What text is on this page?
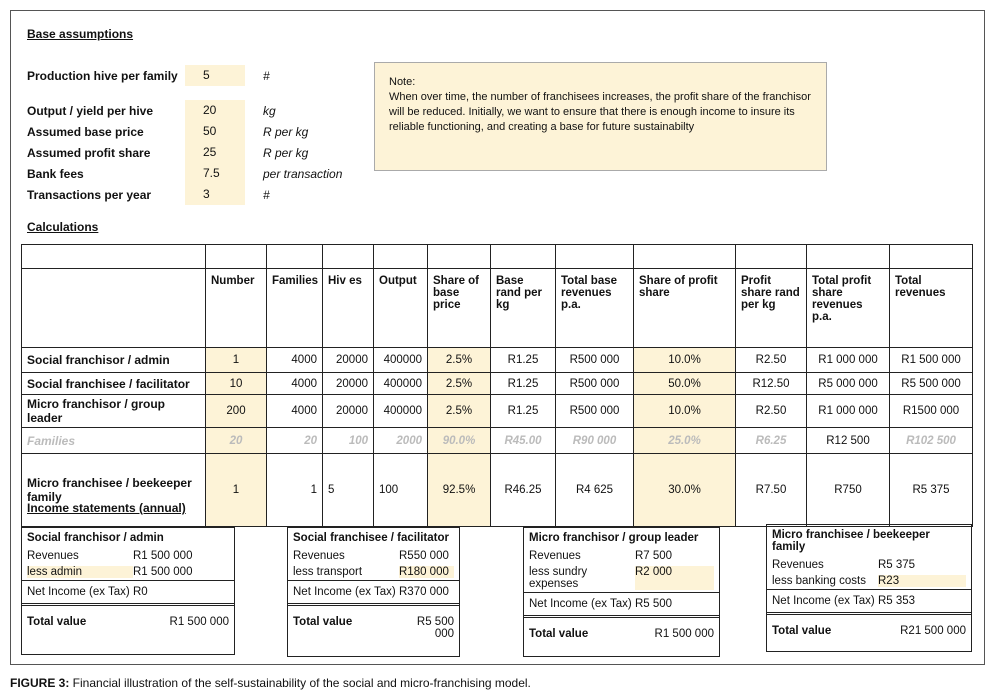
Base assumptions
Production hive per family	5	#
Output / yield per hive	20	kg
Assumed base price	50	R per kg
Assumed profit share	25	R per kg
Bank fees	7.5	per transaction
Transactions per year	3	#
Note:
When over time, the number of franchisees increases, the profit share of the franchisor will be reduced. Initially, we want to ensure that there is enough income to insure its reliable functioning, and creating a base for future sustainabilty
Calculations

	Number	Families	Hiv es	Output	Share of base price	Base rand per kg	Total base revenues p.a.	Share of profit share	Profit share rand per kg	Total profit share revenues p.a.	Total revenues
Social franchisor / admin	1	4000	20000	400000	2.5%	R1.25	R500 000	10.0%	R2.50	R1 000 000	R1 500 000
Social franchisee / facilitator	10	4000	20000	400000	2.5%	R1.25	R500 000	50.0%	R12.50	R5 000 000	R5 500 000
Micro franchisor / group leader	200	4000	20000	400000	2.5%	R1.25	R500 000	10.0%	R2.50	R1 000 000	R1500 000
Families	20	20	100	2000	90.0%	R45.00	R90 000	25.0%	R6.25	R12 500	R102 500
Micro franchisee / beekeeper family	1	1	5	100	92.5%	R46.25	R4 625	30.0%	R7.50	R750	R5 375
Income statements (annual)
Social franchisor / admin
Revenues	R1 500 000
less admin	R1 500 000
Net Income (ex Tax) R0
Total value	R1 500 000
Social franchisee / facilitator
Revenues	R550 000
less transport	R180 000
Net Income (ex Tax) R370 000
Total value	R5 500 000
Micro franchisor / group leader
Revenues	R7 500
less sundry expenses
R2 000
Net Income (ex Tax) R5 500
Total value	R1 500 000
Micro franchisee / beekeeper family
Revenues	R5 375
less banking costs	R23
Net Income (ex Tax) R5 353
Total value	R21 500 000
FIGURE 3: Financial illustration of the self-sustainability of the social and micro-franchising model.
